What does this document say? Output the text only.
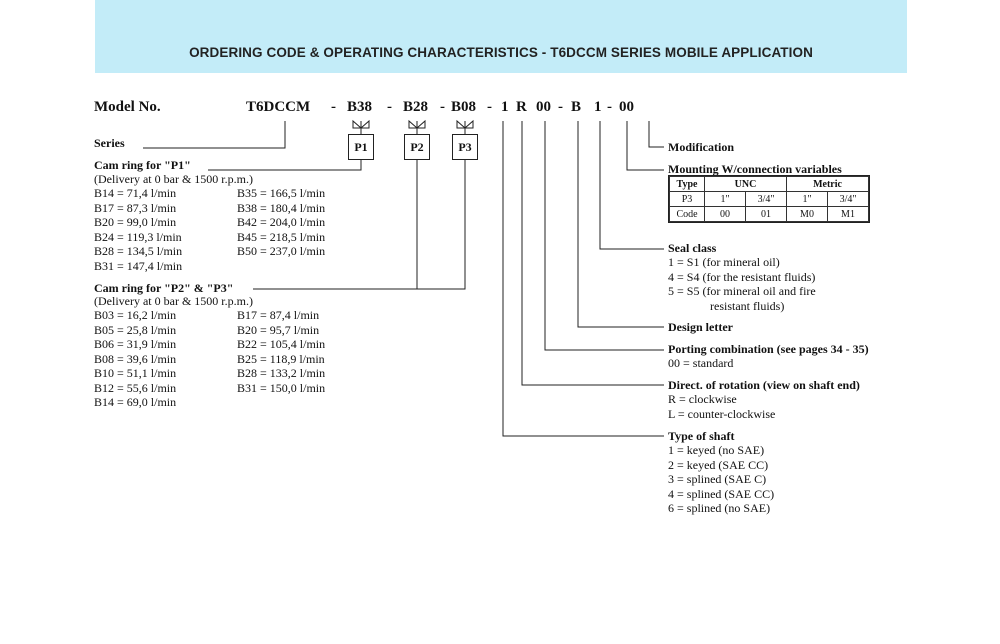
ORDERING CODE & OPERATING CHARACTERISTICS - T6DCCM SERIES MOBILE APPLICATION
Model No.	T6DCCM - B38 - B28 - B08 - 1 R 00 - B 1 - 00
P1	P2	P3
Series
Cam ring for "P1"
(Delivery at 0 bar & 1500 r.p.m.)
B14 = 71,4 l/min
B17 = 87,3 l/min
B20 = 99,0 l/min
B24 = 119,3 l/min
B28 = 134,5 l/min
B31 = 147,4 l/min
B35 = 166,5 l/min
B38 = 180,4 l/min
B42 = 204,0 l/min
B45 = 218,5 l/min
B50 = 237,0 l/min
Cam ring for "P2" & "P3"
(Delivery at 0 bar & 1500 r.p.m.)
B03 = 16,2 l/min
B05 = 25,8 l/min
B06 = 31,9 l/min
B08 = 39,6 l/min
B10 = 51,1 l/min
B12 = 55,6 l/min
B14 = 69,0 l/min
B17 = 87,4 l/min
B20 = 95,7 l/min
B22 = 105,4 l/min
B25 = 118,9 l/min
B28 = 133,2 l/min
B31 = 150,0 l/min
Modification
Mounting W/connection variables
Type	UNC		Metric	
P3	1"	3/4"	1"	3/4"
Code	00	01	M0	M1
Seal class
1 = S1 (for mineral oil)
4 = S4 (for the resistant fluids)
5 = S5 (for mineral oil and fire
resistant fluids)
Design letter
Porting combination (see pages 34 - 35)
00 = standard
Direct. of rotation (view on shaft end)
R = clockwise
L = counter-clockwise
Type of shaft
1 = keyed (no SAE)
2 = keyed (SAE CC)
3 = splined (SAE C)
4 = splined (SAE CC)
6 = splined (no SAE)
